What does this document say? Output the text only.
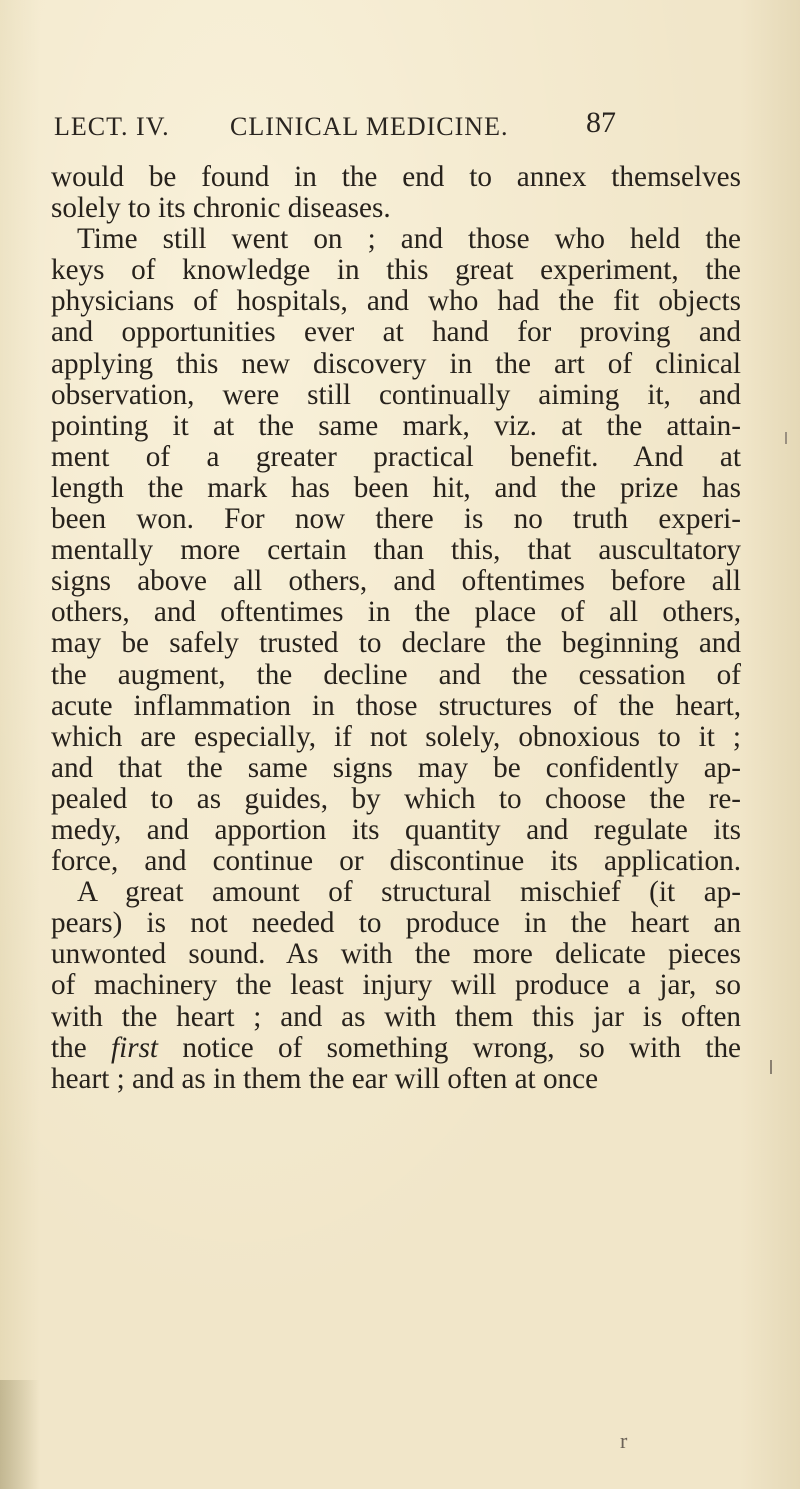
LECT. IV. CLINICAL MEDICINE.	87
would be found in the end to annex themselves
solely to its chronic diseases.
Time still went on ; and those who held the
keys of knowledge in this great experiment, the
physicians of hospitals, and who had the fit objects
and opportunities ever at hand for proving and
applying this new discovery in the art of clinical
observation, were still continually aiming it, and
pointing it at the same mark, viz. at the attain-
ment of a greater practical benefit. And at
length the mark has been hit, and the prize has
been won. For now there is no truth experi-
mentally more certain than this, that auscultatory
signs above all others, and oftentimes before all
others, and oftentimes in the place of all others,
may be safely trusted to declare the beginning and
the augment, the decline and the cessation of
acute inflammation in those structures of the heart,
which are especially, if not solely, obnoxious to it ;
and that the same signs may be confidently ap-
pealed to as guides, by which to choose the re-
medy, and apportion its quantity and regulate its
force, and continue or discontinue its application.
A great amount of structural mischief (it ap-
pears) is not needed to produce in the heart an
unwonted sound. As with the more delicate pieces
of machinery the least injury will produce a jar, so
with the heart ; and as with them this jar is often
the first notice of something wrong, so with the
heart ; and as in them the ear will often at once
r
